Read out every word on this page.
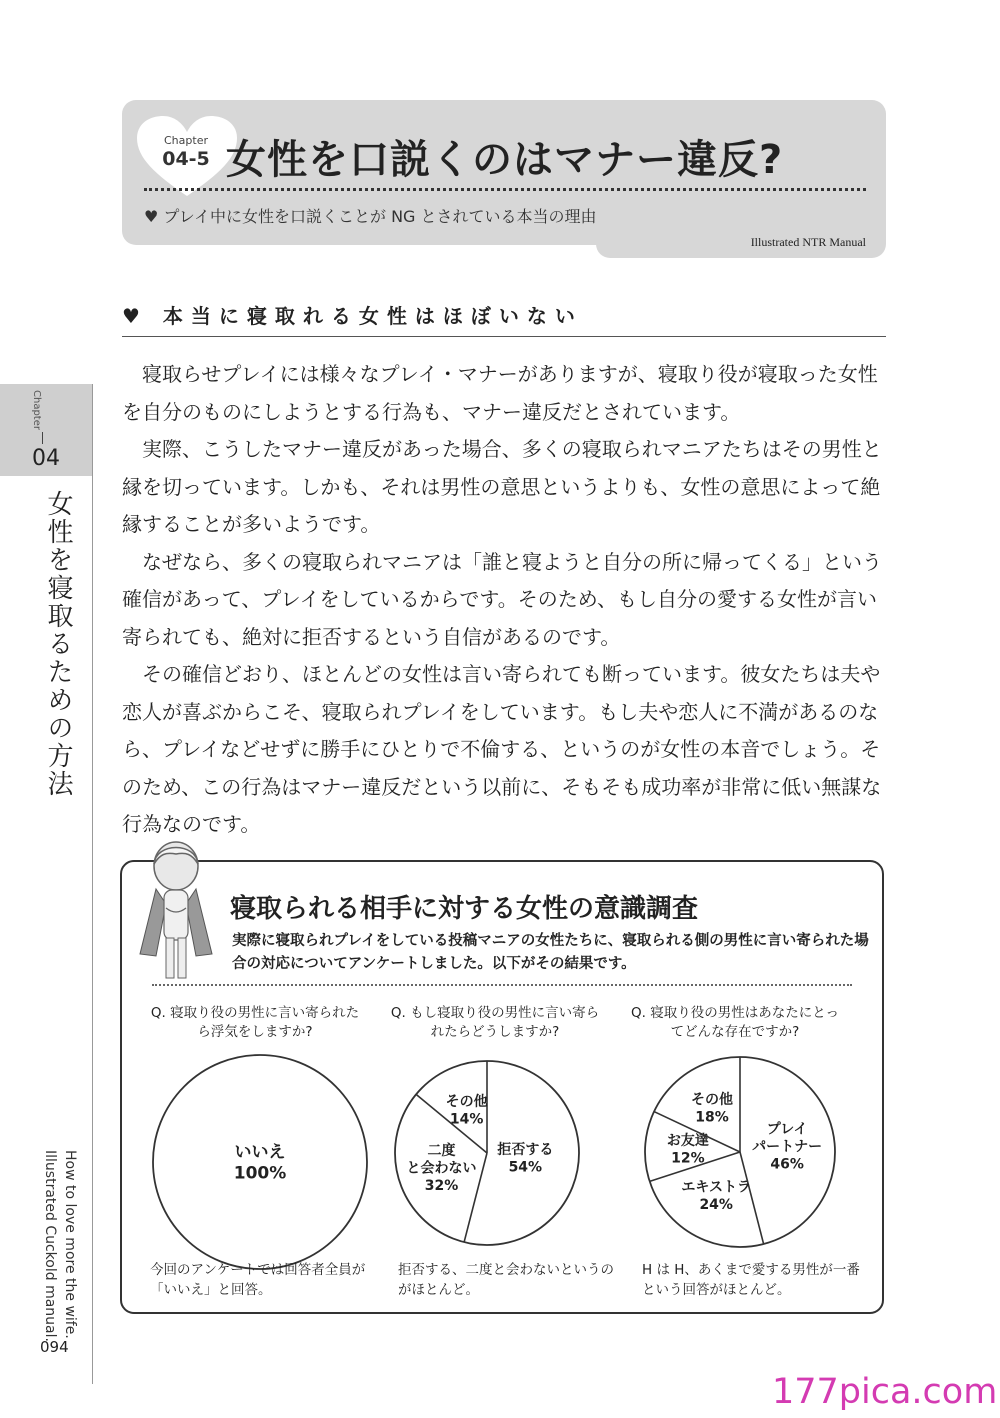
Chapter
04-5 女性を口説くのはマナー違反?
♥ プレイ中に女性を口説くことが NG とされている本当の理由
Illustrated NTR Manual
♥ 本当に寝取れる女性はほぼいない

寝取らせプレイには様々なプレイ・マナーがありますが、寝取り役が寝取った女性を自分のものにしようとする行為も、マナー違反だとされています。

実際、こうしたマナー違反があった場合、多くの寝取られマニアたちはその男性と縁を切っています。しかも、それは男性の意思というよりも、女性の意思によって絶縁することが多いようです。

なぜなら、多くの寝取られマニアは「誰と寝ようと自分の所に帰ってくる」という確信があって、プレイをしているからです。そのため、もし自分の愛する女性が言い寄られても、絶対に拒否するという自信があるのです。

その確信どおり、ほとんどの女性は言い寄られても断っています。彼女たちは夫や恋人が喜ぶからこそ、寝取られプレイをしています。もし夫や恋人に不満があるのなら、プレイなどせずに勝手にひとりで不倫する、というのが女性の本音でしょう。そのため、この行為はマナー違反だという以前に、そもそも成功率が非常に低い無謀な行為なのです。

Chapter
04
女性を寝取るための方法
How to love more the wife.
Illustrated Cuckold manual.
094
寝取られる相手に対する女性の意識調査
実際に寝取られプレイをしている投稿マニアの女性たちに、寝取られる側の男性に言い寄られた場合の対応についてアンケートしました。以下がその結果です。
Q. 寝取り役の男性に言い寄られたら浮気をしますか?
いいえ
100%
今回のアンケートでは回答者全員が「いいえ」と回答。
Q. もし寝取り役の男性に言い寄られたらどうしますか?
拒否する
54%
二度
と会わない
32%
その他
14%
拒否する、二度と会わないというのがほとんど。
Q. 寝取り役の男性はあなたにとってどんな存在ですか?
プレイ
パートナー
46%
エキストラ
24%
お友達
12%
その他
18%
H は H、あくまで愛する男性が一番という回答がほとんど。
177pica.com
